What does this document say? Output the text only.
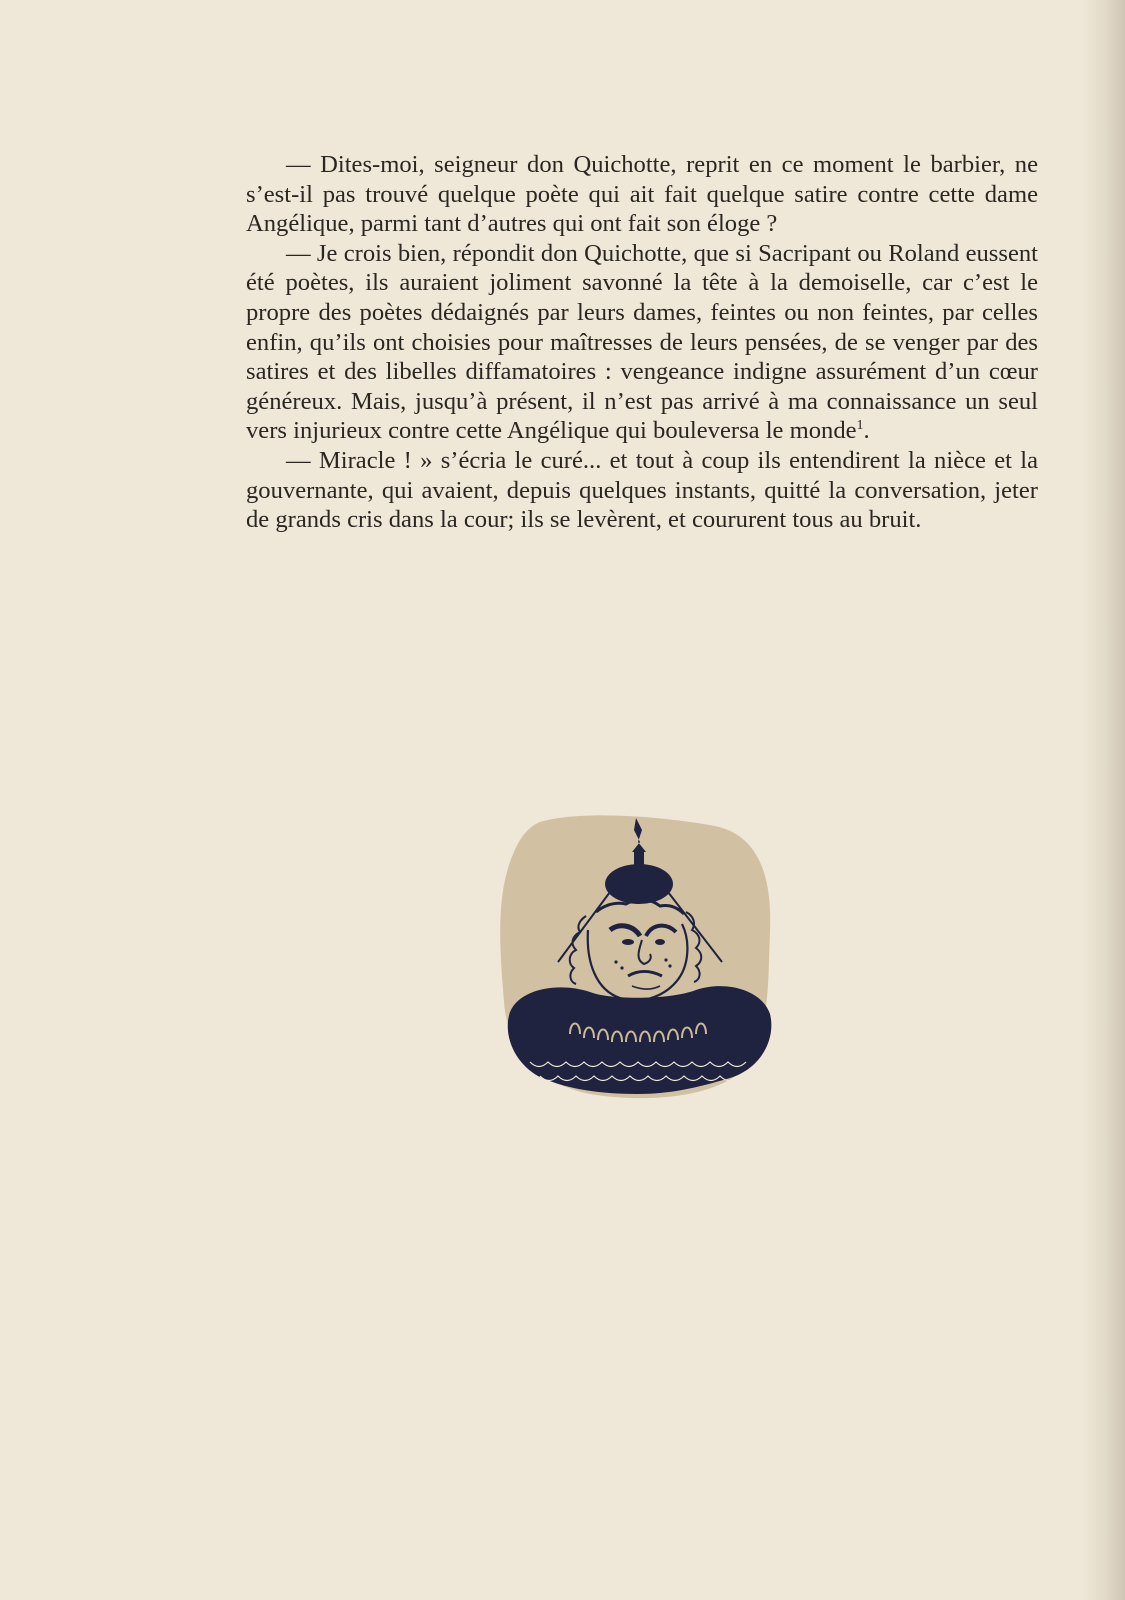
— Dites-moi, seigneur don Quichotte, reprit en ce moment le barbier, ne s’est-il pas trouvé quelque poète qui ait fait quelque satire contre cette dame Angélique, parmi tant d’autres qui ont fait son éloge ?

— Je crois bien, répondit don Quichotte, que si Sacripant ou Roland eussent été poètes, ils auraient joliment savonné la tête à la demoiselle, car c’est le propre des poètes dédaignés par leurs dames, feintes ou non feintes, par celles enfin, qu’ils ont choisies pour maîtresses de leurs pensées, de se venger par des satires et des libelles diffamatoires : vengeance indigne assurément d’un cœur généreux. Mais, jusqu’à présent, il n’est pas arrivé à ma connaissance un seul vers injurieux contre cette Angélique qui bouleversa le monde$^1$.

— Miracle ! » s’écria le curé... et tout à coup ils entendirent la nièce et la gouvernante, qui avaient, depuis quelques instants, quitté la conversation, jeter de grands cris dans la cour; ils se levèrent, et coururent tous au bruit.
